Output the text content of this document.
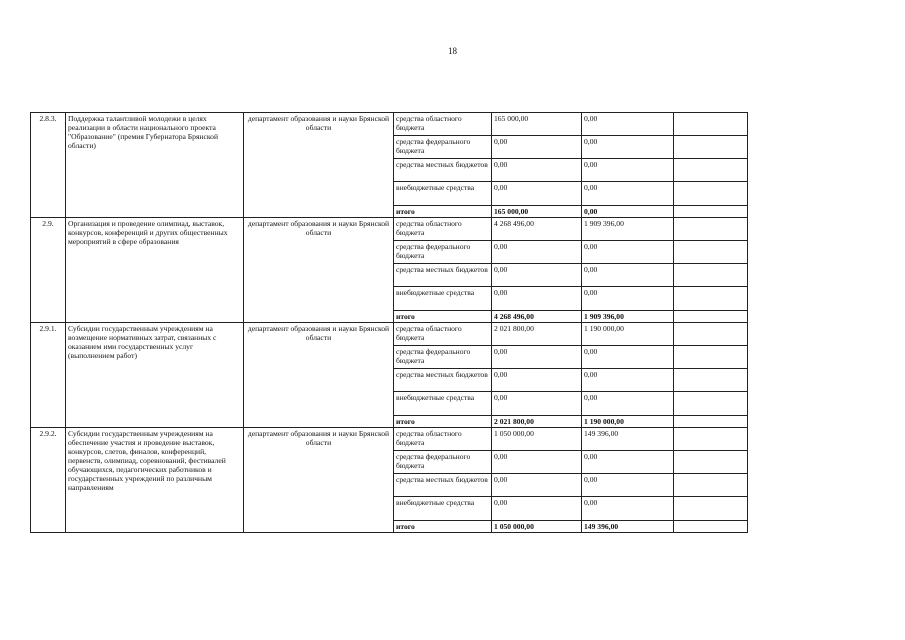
18
2.8.3.	Поддержка талантливой молодежи в целях реализации в области национального проекта "Образование" (премия Губернатора Брянской области)	департамент образования и науки Брянской области	средства областного бюджета	165 000,00	0,00	
			средства федерального бюджета	0,00	0,00	
			средства местных бюджетов	0,00	0,00	
			внебюджетные средства	0,00	0,00	
			итого	165 000,00	0,00	
2.9.	Организация и проведение олимпиад, выставок, конкурсов, конференций и других общественных мероприятий в сфере образования	департамент образования и науки Брянской области	средства областного бюджета	4 268 496,00	1 909 396,00	
			средства федерального бюджета	0,00	0,00	
			средства местных бюджетов	0,00	0,00	
			внебюджетные средства	0,00	0,00	
			итого	4 268 496,00	1 909 396,00	
2.9.1.	Субсидии государственным учреждениям на возмещение нормативных затрат, связанных с оказанием ими государственных услуг (выполнением работ)	департамент образования и науки Брянской области	средства областного бюджета	2 021 800,00	1 190 000,00	
			средства федерального бюджета	0,00	0,00	
			средства местных бюджетов	0,00	0,00	
			внебюджетные средства	0,00	0,00	
			итого	2 021 800,00	1 190 000,00	
2.9.2.	Субсидии государственным учреждениям на обеспечение участия и проведение выставок, конкурсов, слетов, финалов, конференций, первенств, олимпиад, соревнований, фестивалей обучающихся, педагогических работников и государственных учреждений по различным направлениям	департамент образования и науки Брянской области	средства областного бюджета	1 050 000,00	149 396,00	
			средства федерального бюджета	0,00	0,00	
			средства местных бюджетов	0,00	0,00	
			внебюджетные средства	0,00	0,00	
			итого	1 050 000,00	149 396,00	
